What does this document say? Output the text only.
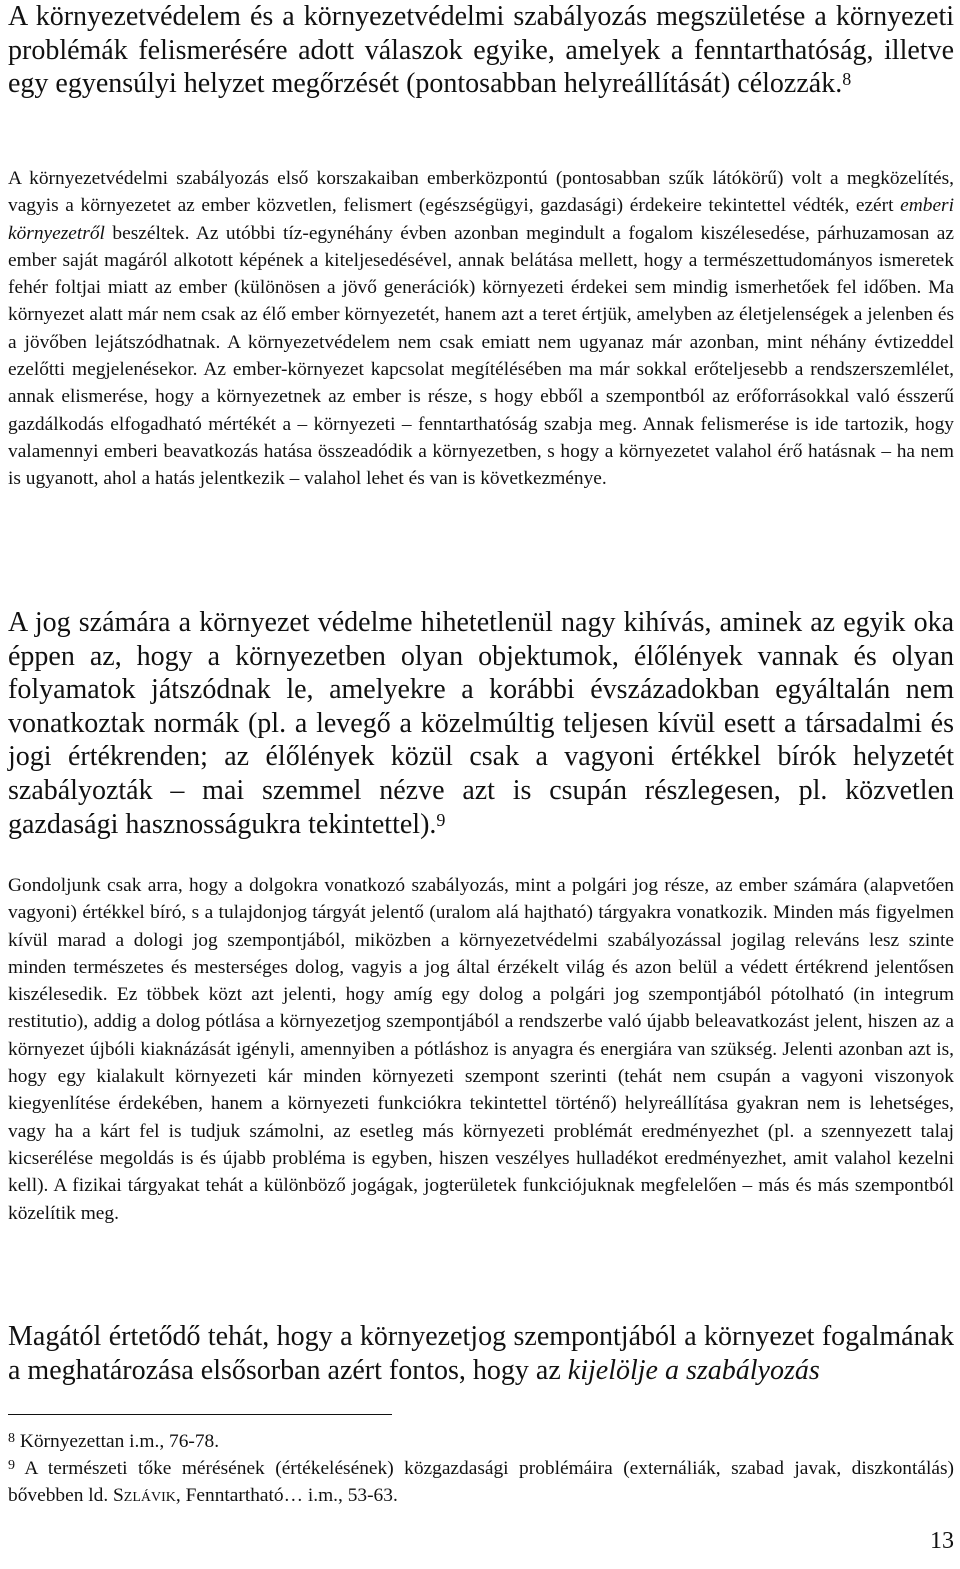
A környezetvédelem és a környezetvédelmi szabályozás megszületése a környezeti problémák felismerésére adott válaszok egyike, amelyek a fenntarthatóság, illetve egy egyensúlyi helyzet megőrzését (pontosabban helyreállítását) célozzák.$^8$

A környezetvédelmi szabályozás első korszakaiban emberközpontú (pontosabban szűk látókörű) volt a megközelítés, vagyis a környezetet az ember közvetlen, felismert (egészségügyi, gazdasági) érdekeire tekintettel védték, ezért emberi környezetről beszéltek. Az utóbbi tíz-egynéhány évben azonban megindult a fogalom kiszélesedése, párhuzamosan az ember saját magáról alkotott képének a kiteljesedésével, annak belátása mellett, hogy a természettudományos ismeretek fehér foltjai miatt az ember (különösen a jövő generációk) környezeti érdekei sem mindig ismerhetőek fel időben. Ma környezet alatt már nem csak az élő ember környezetét, hanem azt a teret értjük, amelyben az életjelenségek a jelenben és a jövőben lejátszódhatnak. A környezetvédelem nem csak emiatt nem ugyanaz már azonban, mint néhány évtizeddel ezelőtti megjelenésekor. Az ember-környezet kapcsolat megítélésében ma már sokkal erőteljesebb a rendszerszemlélet, annak elismerése, hogy a környezetnek az ember is része, s hogy ebből a szempontból az erőforrásokkal való ésszerű gazdálkodás elfogadható mértékét a – környezeti – fenntarthatóság szabja meg. Annak felismerése is ide tartozik, hogy valamennyi emberi beavatkozás hatása összeadódik a környezetben, s hogy a környezetet valahol érő hatásnak – ha nem is ugyanott, ahol a hatás jelentkezik – valahol lehet és van is következménye.

A jog számára a környezet védelme hihetetlenül nagy kihívás, aminek az egyik oka éppen az, hogy a környezetben olyan objektumok, élőlények vannak és olyan folyamatok játszódnak le, amelyekre a korábbi évszázadokban egyáltalán nem vonatkoztak normák (pl. a levegő a közelmúltig teljesen kívül esett a társadalmi és jogi értékrenden; az élőlények közül csak a vagyoni értékkel bírók helyzetét szabályozták – mai szemmel nézve azt is csupán részlegesen, pl. közvetlen gazdasági hasznosságukra tekintettel).$^9$

Gondoljunk csak arra, hogy a dolgokra vonatkozó szabályozás, mint a polgári jog része, az ember számára (alapvetően vagyoni) értékkel bíró, s a tulajdonjog tárgyát jelentő (uralom alá hajtható) tárgyakra vonatkozik. Minden más figyelmen kívül marad a dologi jog szempontjából, miközben a környezetvédelmi szabályozással jogilag releváns lesz szinte minden természetes és mesterséges dolog, vagyis a jog által érzékelt világ és azon belül a védett értékrend jelentősen kiszélesedik. Ez többek közt azt jelenti, hogy amíg egy dolog a polgári jog szempontjából pótolható (in integrum restitutio), addig a dolog pótlása a környezetjog szempontjából a rendszerbe való újabb beleavatkozást jelent, hiszen az a környezet újbóli kiaknázását igényli, amennyiben a pótláshoz is anyagra és energiára van szükség. Jelenti azonban azt is, hogy egy kialakult környezeti kár minden környezeti szempont szerinti (tehát nem csupán a vagyoni viszonyok kiegyenlítése érdekében, hanem a környezeti funkciókra tekintettel történő) helyreállítása gyakran nem is lehetséges, vagy ha a kárt fel is tudjuk számolni, az esetleg más környezeti problémát eredményezhet (pl. a szennyezett talaj kicserélése megoldás is és újabb probléma is egyben, hiszen veszélyes hulladékot eredményezhet, amit valahol kezelni kell). A fizikai tárgyakat tehát a különböző jogágak, jogterületek funkciójuknak megfelelően – más és más szempontból közelítik meg.

Magától értetődő tehát, hogy a környezetjog szempontjából a környezet fogalmának a meghatározása elsősorban azért fontos, hogy az kijelölje a szabályozás

$^8$ Környezettan i.m., 76-78.

$^9$ A természeti tőke mérésének (értékelésének) közgazdasági problémáira (externáliák, szabad javak, diszkontálás) bővebben ld. Szlávik, Fenntartható… i.m., 53-63.

13
